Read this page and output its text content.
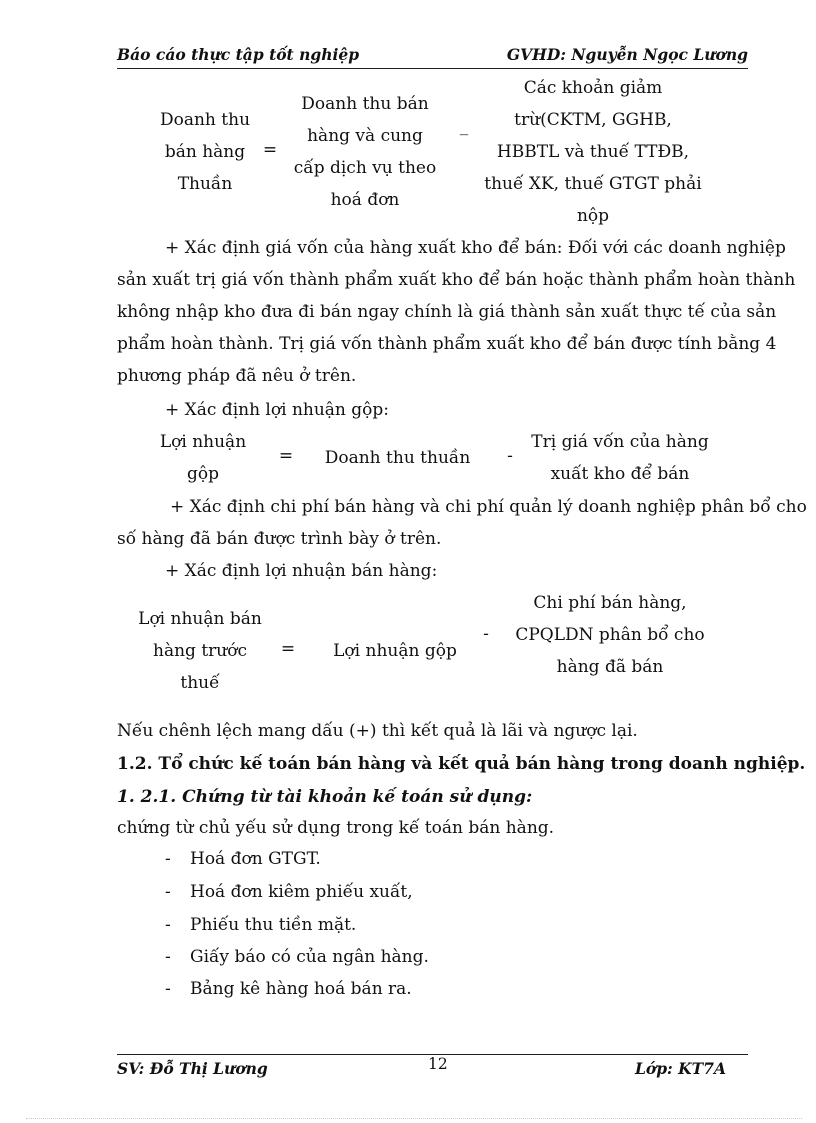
Báo cáo thực tập tốt nghiệp	GVHD: Nguyễn Ngọc Lương
Doanh thu
bán hàng
Thuần
=
Doanh thu bán
hàng và cung
cấp dịch vụ theo
hoá đơn
_
Các khoản giảm
trừ(CKTM, GGHB,
HBBTL và thuế TTĐB,
thuế XK, thuế GTGT phải
nộp
+ Xác định giá vốn của hàng xuất kho để bán: Đối với các doanh nghiệp
sản xuất trị giá vốn thành phẩm xuất kho để bán hoặc thành phẩm hoàn thành
không nhập kho đưa đi bán ngay chính là giá thành sản xuất thực tế của sản
phẩm hoàn thành. Trị giá vốn thành phẩm xuất kho để bán được tính bằng 4
phương pháp đã nêu ở trên.
+ Xác định lợi nhuận gộp:
Lợi nhuận
gộp
=	Doanh thu thuần	-
Trị giá vốn của hàng
xuất kho để bán
+ Xác định chi phí bán hàng và chi phí quản lý doanh nghiệp phân bổ cho
số hàng đã bán được trình bày ở trên.
+ Xác định lợi nhuận bán hàng:
Lợi nhuận bán
hàng trước
thuế
=	Lợi nhuận gộp
-
Chi phí bán hàng,
CPQLDN phân bổ cho
hàng đã bán
Nếu chênh lệch mang dấu (+) thì kết quả là lãi và ngược lại.
1.2. Tổ chức kế toán bán hàng và kết quả bán hàng trong doanh nghiệp.
1. 2.1. Chứng từ tài khoản kế toán sử dụng:
chứng từ chủ yếu sử dụng trong kế toán bán hàng.
- Hoá đơn GTGT.
- Hoá đơn kiêm phiếu xuất,
- Phiếu thu tiền mặt.
- Giấy báo có của ngân hàng.
- Bảng kê hàng hoá bán ra.
SV: Đỗ Thị Lương	12	Lớp: KT7A
